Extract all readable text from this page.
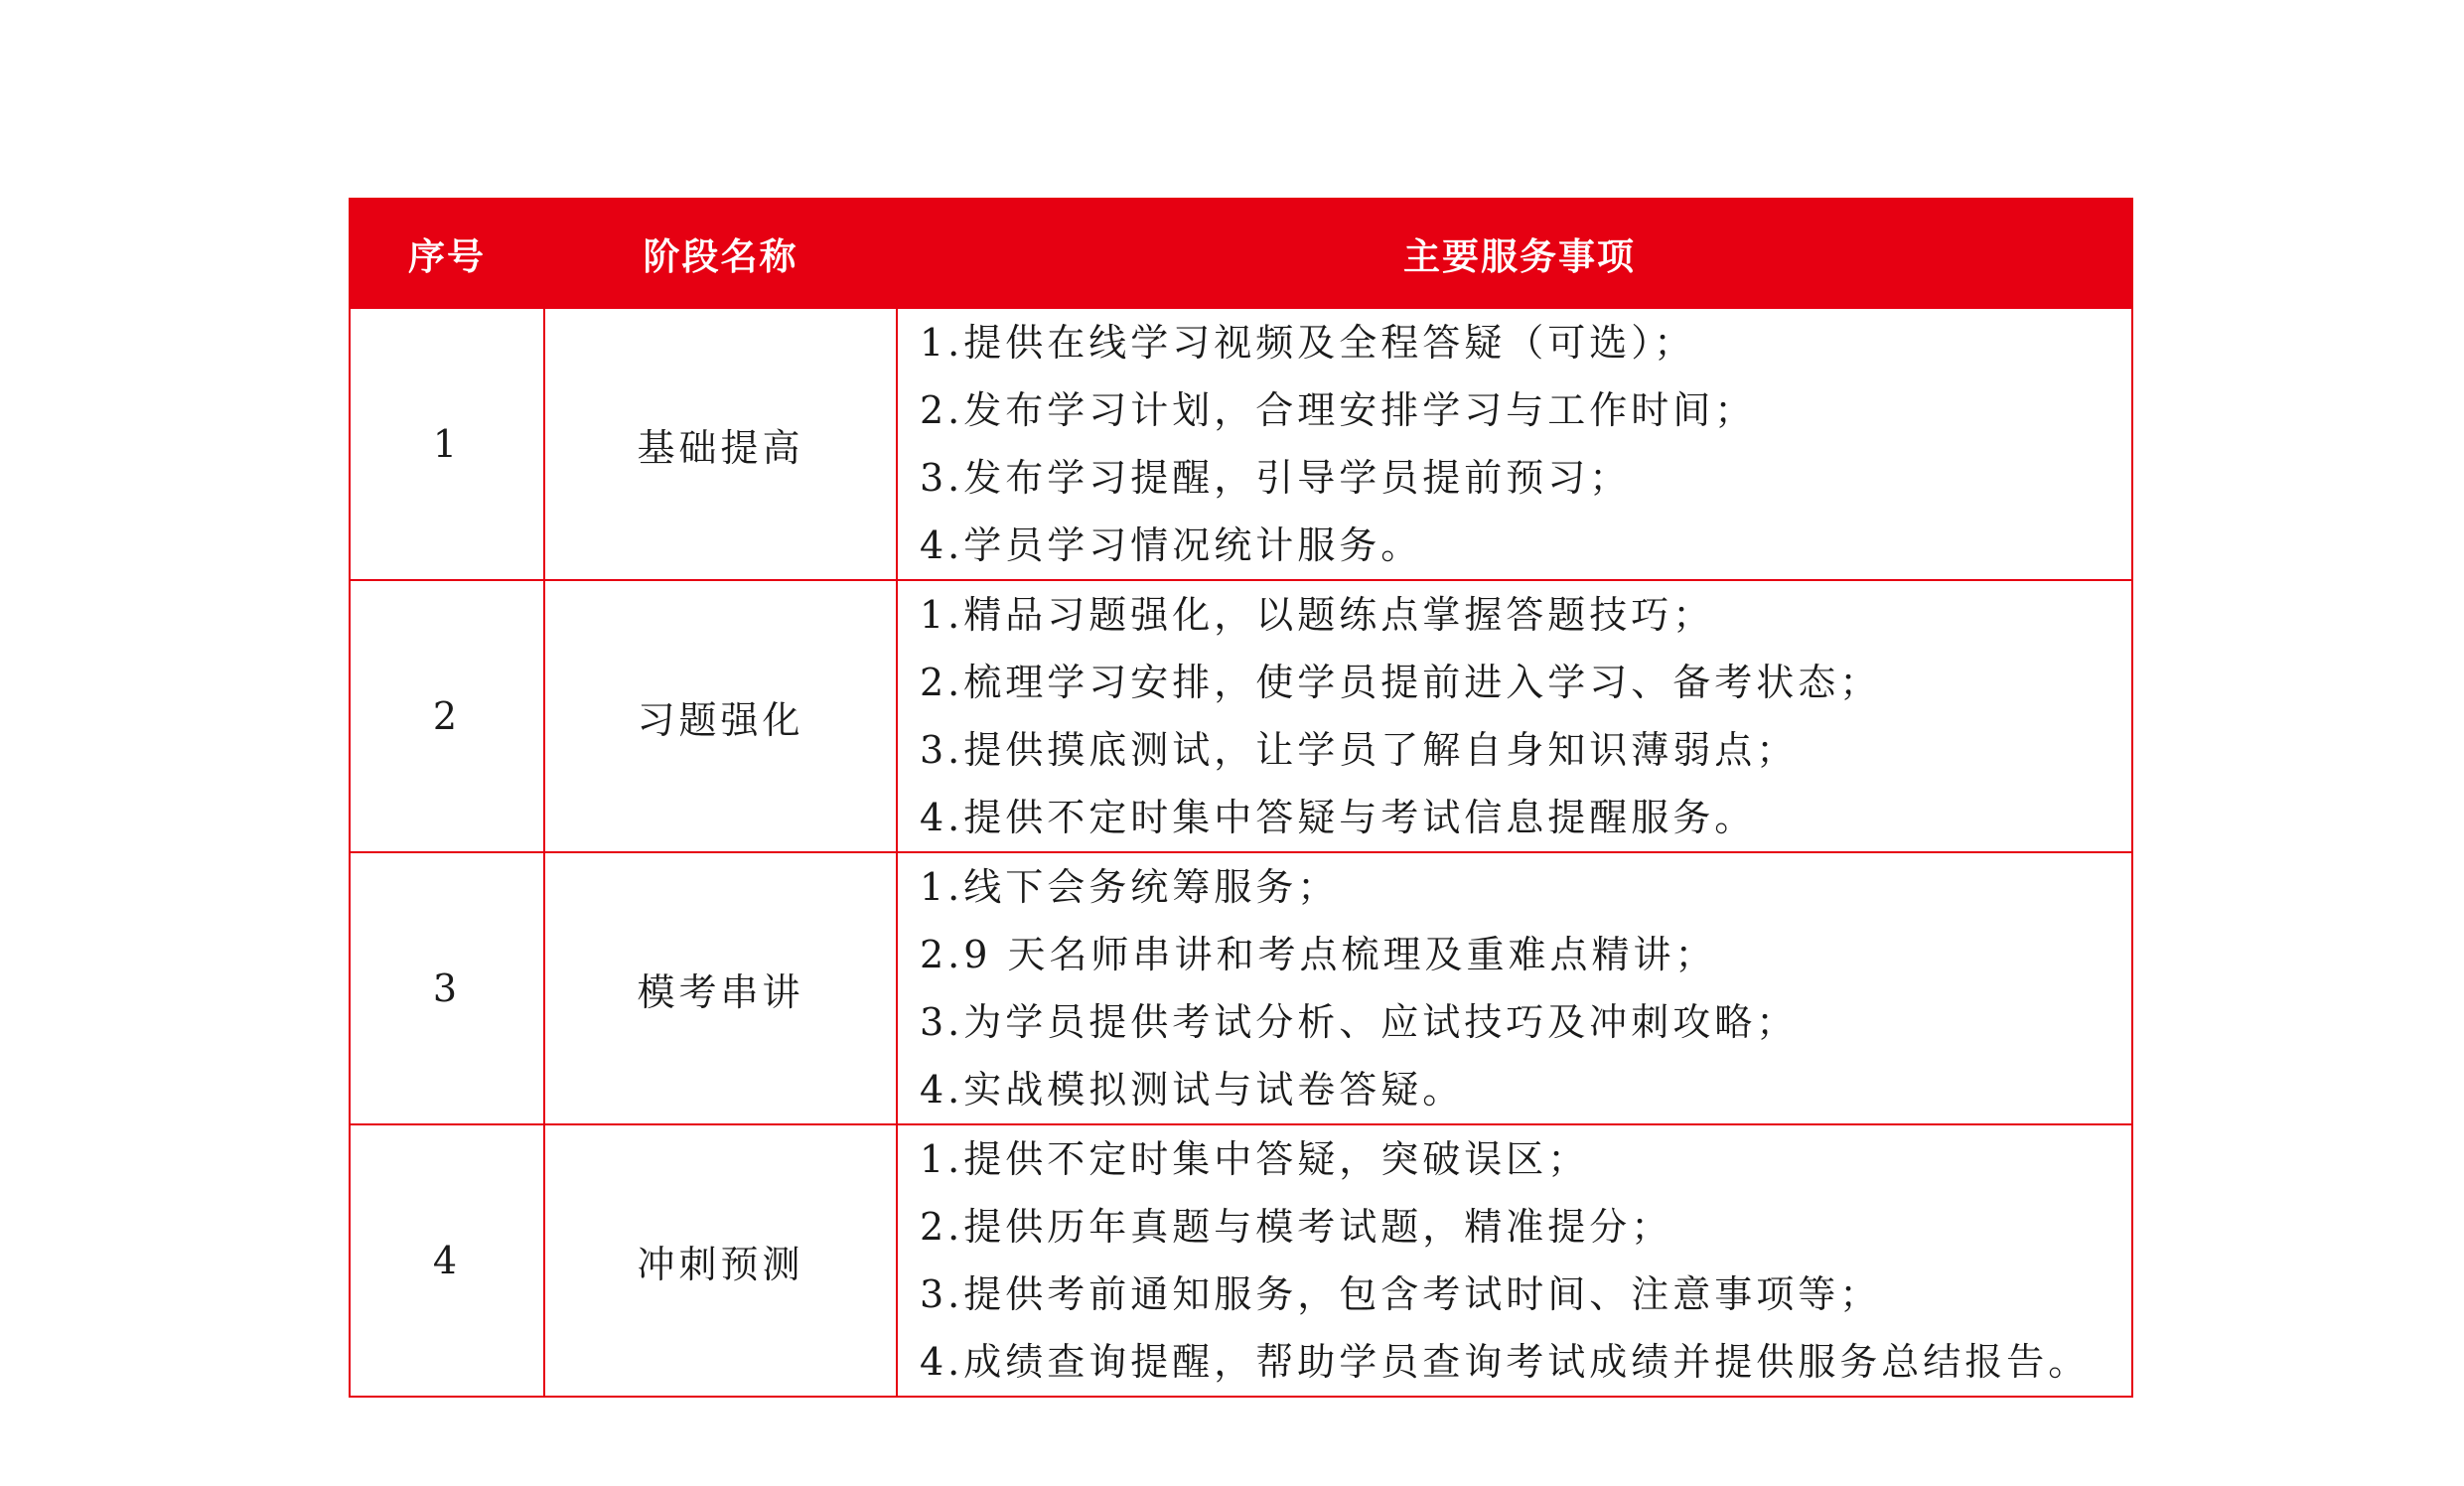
序号	阶段名称	主要服务事项
1	基础提高	1.提供在线学习视频及全程答疑（可选）；
2.发布学习计划，合理安排学习与工作时间；
3.发布学习提醒，引导学员提前预习；
4.学员学习情况统计服务。

2	习题强化	1.精品习题强化，以题练点掌握答题技巧；
2.梳理学习安排，使学员提前进入学习、备考状态；
3.提供摸底测试，让学员了解自身知识薄弱点；
4.提供不定时集中答疑与考试信息提醒服务。

3	模考串讲	1.线下会务统筹服务；
2.9 天名师串讲和考点梳理及重难点精讲；
3.为学员提供考试分析、应试技巧及冲刺攻略；
4.实战模拟测试与试卷答疑。

4	冲刺预测	1.提供不定时集中答疑，突破误区；
2.提供历年真题与模考试题，精准提分；
3.提供考前通知服务，包含考试时间、注意事项等；
4.成绩查询提醒，帮助学员查询考试成绩并提供服务总结报告。
